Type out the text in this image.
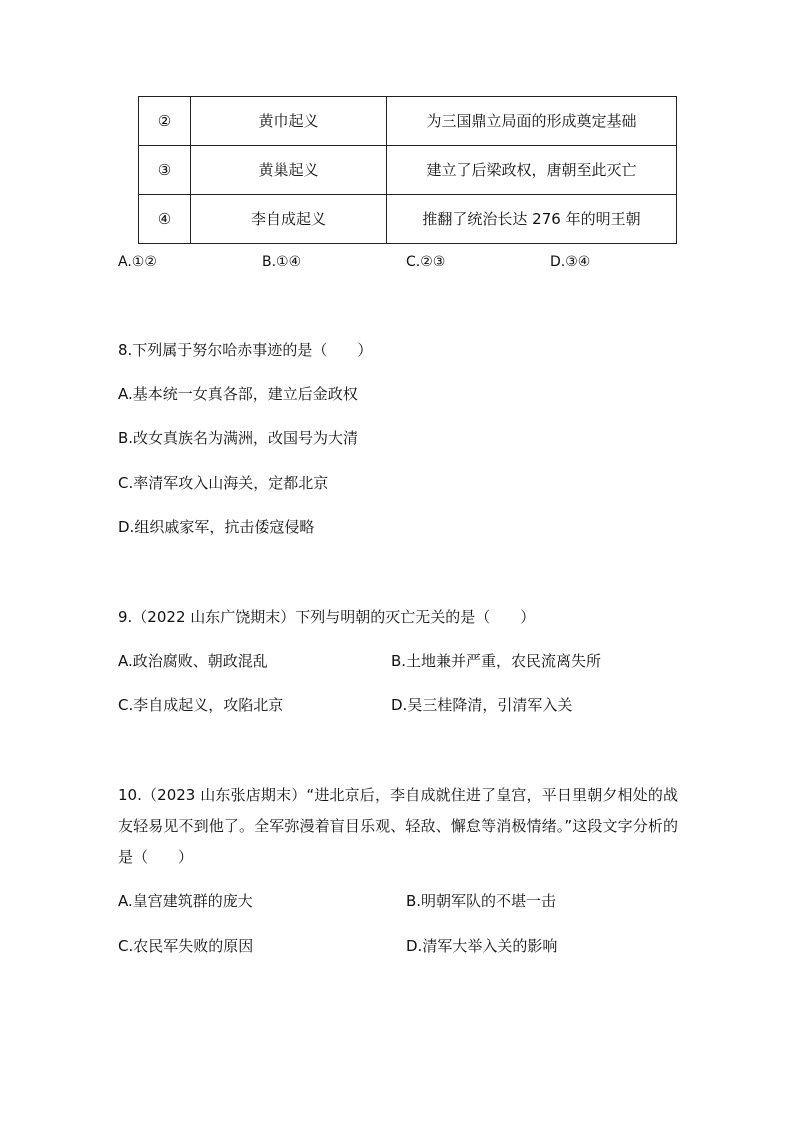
②	黄巾起义	为三国鼎立局面的形成奠定基础
③	黄巢起义	建立了后梁政权，唐朝至此灭亡
④	李自成起义	推翻了统治长达 276 年的明王朝
A.①②	B.①④	C.②③	D.③④
8.下列属于努尔哈赤事迹的是（　　）
A.基本统一女真各部，建立后金政权
B.改女真族名为满洲，改国号为大清
C.率清军攻入山海关，定都北京
D.组织戚家军，抗击倭寇侵略
9.（2022 山东广饶期末）下列与明朝的灭亡无关的是（　　）
A.政治腐败、朝政混乱	B.土地兼并严重，农民流离失所
C.李自成起义，攻陷北京	D.吴三桂降清，引清军入关
10.（2023 山东张店期末）“进北京后，李自成就住进了皇宫，平日里朝夕相处的战友轻易见不到他了。全军弥漫着盲目乐观、轻敌、懈怠等消极情绪。”这段文字分析的是（　　）
A.皇宫建筑群的庞大	B.明朝军队的不堪一击
C.农民军失败的原因	D.清军大举入关的影响
